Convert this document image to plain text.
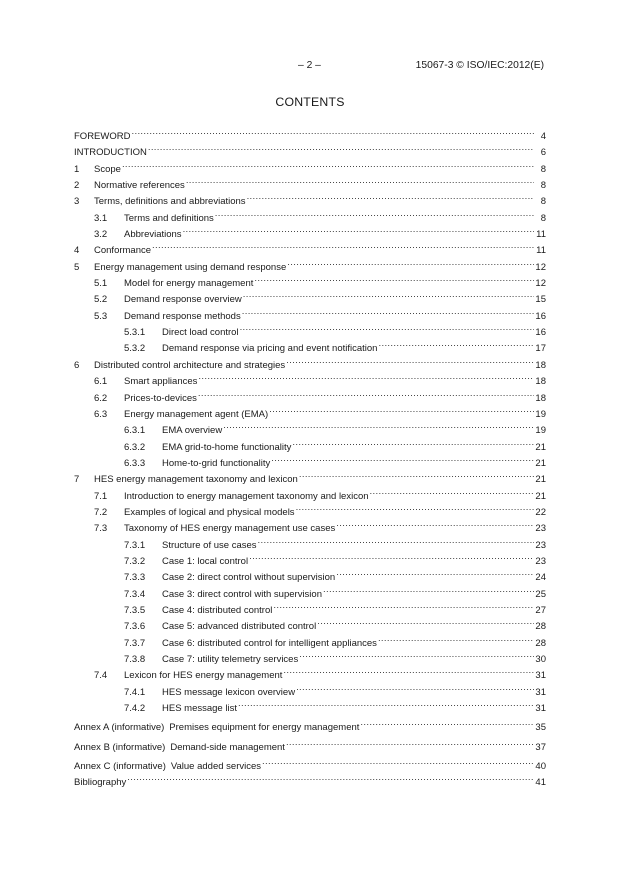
– 2 –	15067-3 © ISO/IEC:2012(E)
CONTENTS
FOREWORD .....	4
INTRODUCTION .....	6
1	Scope .....	8
2	Normative references .....	8
3	Terms, definitions and abbreviations .....	8
3.1	Terms and definitions .....	8
3.2	Abbreviations .....	11
4	Conformance .....	11
5	Energy management using demand response .....	12
5.1	Model for energy management .....	12
5.2	Demand response overview .....	15
5.3	Demand response methods .....	16
5.3.1	Direct load control .....	16
5.3.2	Demand response via pricing and event notification .....	17
6	Distributed control architecture and strategies .....	18
6.1	Smart appliances .....	18
6.2	Prices-to-devices .....	18
6.3	Energy management agent (EMA) .....	19
6.3.1	EMA overview .....	19
6.3.2	EMA grid-to-home functionality .....	21
6.3.3	Home-to-grid functionality .....	21
7	HES energy management taxonomy and lexicon .....	21
7.1	Introduction to energy management taxonomy and lexicon .....	21
7.2	Examples of logical and physical models .....	22
7.3	Taxonomy of HES energy management use cases .....	23
7.3.1	Structure of use cases .....	23
7.3.2	Case 1: local control .....	23
7.3.3	Case 2: direct control without supervision .....	24
7.3.4	Case 3: direct control with supervision .....	25
7.3.5	Case 4: distributed control .....	27
7.3.6	Case 5: advanced distributed control .....	28
7.3.7	Case 6: distributed control for intelligent appliances .....	28
7.3.8	Case 7: utility telemetry services .....	30
7.4	Lexicon for HES energy management .....	31
7.4.1	HES message lexicon overview .....	31
7.4.2	HES message list .....	31
Annex A (informative) Premises equipment for energy management .....	35
Annex B (informative) Demand-side management .....	37
Annex C (informative) Value added services .....	40
Bibliography .....	41
